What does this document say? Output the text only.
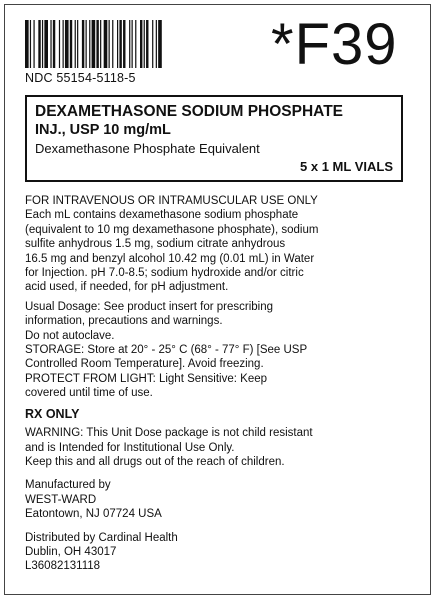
NDC 55154-5118-5
*F39
DEXAMETHASONE SODIUM PHOSPHATE
INJ., USP 10 mg/mL
Dexamethasone Phosphate Equivalent
5 x 1 ML VIALS

FOR INTRAVENOUS OR INTRAMUSCULAR USE ONLY

Each mL contains dexamethasone sodium phosphate

(equivalent to 10 mg dexamethasone phosphate), sodium

sulfite anhydrous 1.5 mg, sodium citrate anhydrous

16.5 mg and benzyl alcohol 10.42 mg (0.01 mL) in Water

for Injection. pH 7.0-8.5; sodium hydroxide and/or citric

acid used, if needed, for pH adjustment.

Usual Dosage: See product insert for prescribing

information, precautions and warnings.

Do not autoclave.

STORAGE: Store at 20° - 25° C (68° - 77° F) [See USP

Controlled Room Temperature]. Avoid freezing.

PROTECT FROM LIGHT: Light Sensitive: Keep

covered until time of use.

RX ONLY

WARNING: This Unit Dose package is not child resistant

and is Intended for Institutional Use Only.

Keep this and all drugs out of the reach of children.

Manufactured by

WEST-WARD

Eatontown, NJ 07724 USA

Distributed by Cardinal Health

Dublin, OH 43017

L36082131118
